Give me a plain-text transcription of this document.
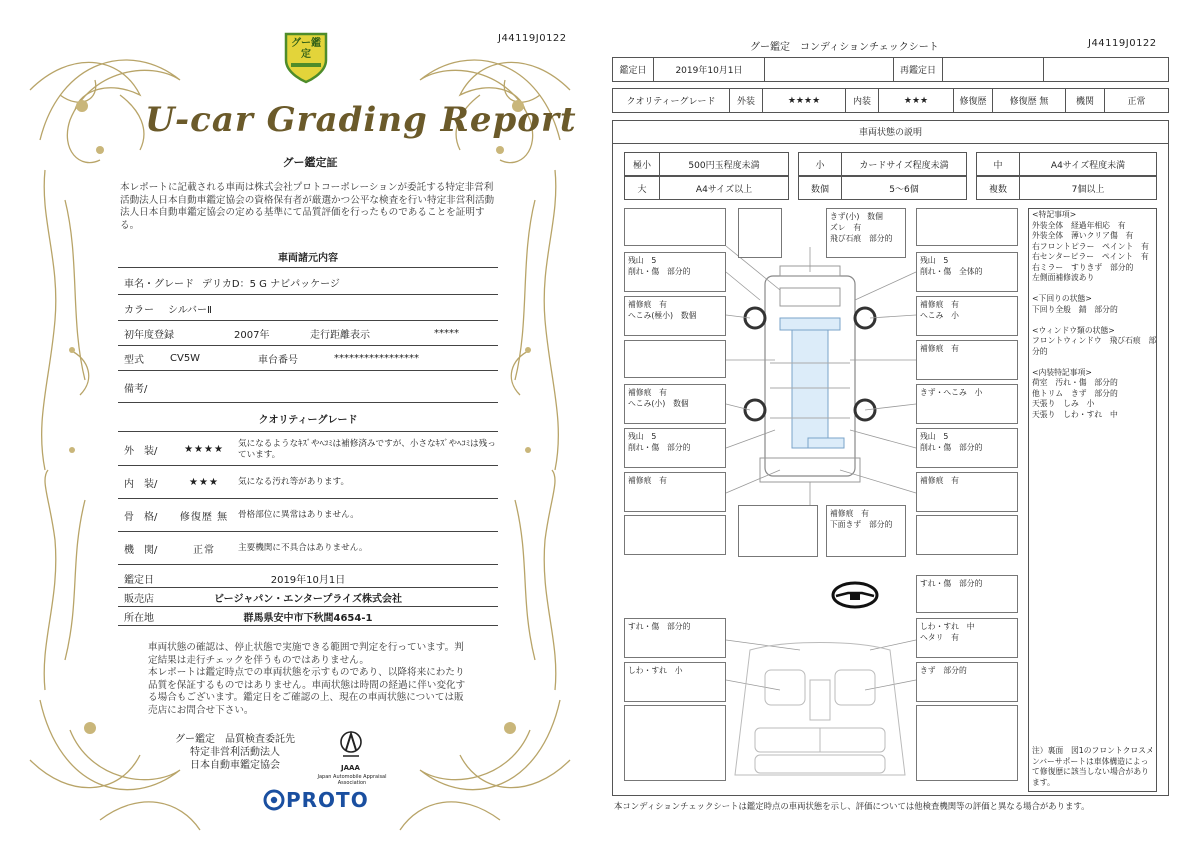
J44119J0122
グー鑑定
U-car Grading Report
グー鑑定証
本レポートに記載される車両は株式会社プロトコーポレーションが委託する特定非営利活動法人日本自動車鑑定協会の資格保有者が厳選かつ公平な検査を行い特定非営利活動法人日本自動車鑑定協会の定める基準にて品質評価を行ったものであることを証明する。
車両諸元内容
車名・グレード デリカD：5 G ナビパッケージ
カラー	シルバーⅡ
初年度登録	2007年	走行距離表示	*****
型式	CV5W	車台番号	*****************
備考/
クオリティーグレード
外　装/	★★★★
気になるようなｷｽﾞやﾍｺﾐは補修済みですが、小さなｷｽﾞやﾍｺﾐは残っています。
内　装/	★★★	気になる汚れ等があります。
骨　格/	修復歴 無	骨格部位に異常はありません。
機　関/	正常	主要機関に不具合はありません。
鑑定日	2019年10月1日
販売店	ビージャパン・エンタープライズ株式会社
所在地	群馬県安中市下秋間4654-1
車両状態の確認は、停止状態で実施できる範囲で判定を行っています。判定結果は走行チェックを伴うものではありません。
本レポートは鑑定時点での車両状態を示すものであり、以降将来にわたり品質を保証するものではありません。車両状態は時間の経過に伴い変化する場合もございます。鑑定日をご確認の上、現在の車両状態については販売店にお問合せ下さい。
グー鑑定　品質検査委託先
特定非営利活動法人
日本自動車鑑定協会	JAAA
Japan Automobile Appraisal Association
PROTO
グー鑑定　コンディションチェックシート	J44119J0122
鑑定日	2019年10月1日	再鑑定日
クオリティーグレード	外装	★★★★	内装	★★★	修復歴	修復歴 無	機関	正常
車両状態の説明
極小	500円玉程度未満	小	カードサイズ程度未満	中	A4サイズ程度未満
大	A4サイズ以上	数個	5～6個	複数	7個以上
きず(小)　数個
ズレ　有
飛び石痕　部分的
残山　5
削れ・傷　部分的
残山　5
削れ・傷　全体的
補修痕　有
へこみ(極小)　数個
補修痕　有
へこみ　小
補修痕　有
補修痕　有
へこみ(小)　数個
きず・へこみ　小
残山　5
削れ・傷　部分的
残山　5
削れ・傷　部分的
補修痕　有	補修痕　有
補修痕　有
下面きず　部分的
すれ・傷　部分的
すれ・傷　部分的	しわ・すれ　中
ヘタリ　有
しわ・すれ　小	きず　部分的
<特記事項>
外装全体　経過年相応　有
外装全体　薄いクリア傷　有
右フロントピラー　ペイント　有
右センターピラー　ペイント　有
右ミラー　すりきず　部分的
左側面補修波あり

<下回りの状態>
下回り全般　錆　部分的

<ウィンドウ類の状態>
フロントウィンドウ　飛び石痕　部分的

<内装特記事項>
荷室　汚れ・傷　部分的
他トリム　きず　部分的
天張り　しみ　小
天張り　しわ・すれ　中
注）裏面　図1のフロントクロスメンバーサポートは車体構造によって修復歴に該当しない場合があります。
本コンディションチェックシートは鑑定時点の車両状態を示し、評価については他検査機関等の評価と異なる場合があります。
